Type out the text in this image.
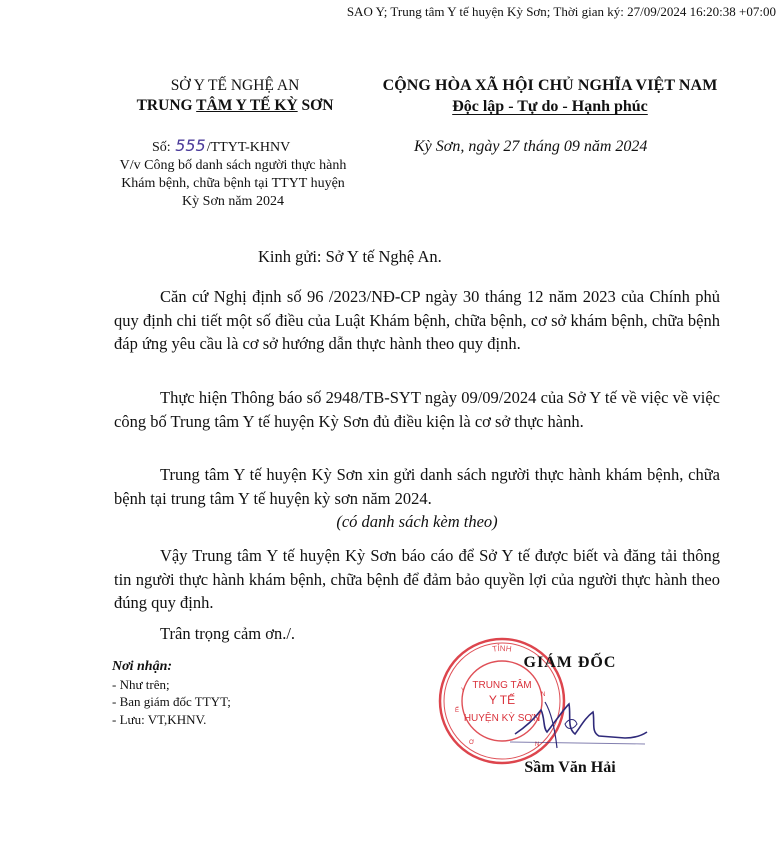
SAO Y; Trung tâm Y tế huyện Kỳ Sơn; Thời gian ký: 27/09/2024 16:20:38 +07:00
SỞ Y TẾ NGHỆ AN
TRUNG TÂM Y TẾ KỲ SƠN
CỘNG HÒA XÃ HỘI CHỦ NGHĨA VIỆT NAM
Độc lập - Tự do - Hạnh phúc
Số: 555/TTYT-KHNV
V/v Công bố danh sách người thực hành
Khám bệnh, chữa bệnh tại TTYT huyện
Kỳ Sơn năm 2024
Kỳ Sơn, ngày 27 tháng 09 năm 2024
Kinh gửi: Sở Y tế Nghệ An.

Căn cứ Nghị định số 96 /2023/NĐ-CP ngày 30 tháng 12 năm 2023 của Chính phủ quy định chi tiết một số điều của Luật Khám bệnh, chữa bệnh, cơ sở khám bệnh, chữa bệnh đáp ứng yêu cầu là cơ sở hướng dẫn thực hành theo quy định.

Thực hiện Thông báo số 2948/TB-SYT ngày 09/09/2024 của Sở Y tế về việc về việc công bố Trung tâm Y tế huyện Kỳ Sơn đủ điều kiện là cơ sở thực hành.

Trung tâm Y tế huyện Kỳ Sơn xin gửi danh sách người thực hành khám bệnh, chữa bệnh tại trung tâm Y tế huyện kỳ sơn năm 2024.

(có danh sách kèm theo)

Vậy Trung tâm Y tế huyện Kỳ Sơn báo cáo để Sở Y tế được biết và đăng tải thông tin người thực hành khám bệnh, chữa bệnh để đảm bảo quyền lợi của người thực hành theo đúng quy định.

Trân trọng cảm ơn./.

Nơi nhận:
- Như trên;
- Ban giám đốc TTYT;
- Lưu: VT,KHNV.
TỈNH
TRUNG TÂM
Y TẾ
HUYỆN KỲ SƠN
Y
Ế
N
N
Ơ
GIÁM ĐỐC
Sầm Văn Hải
